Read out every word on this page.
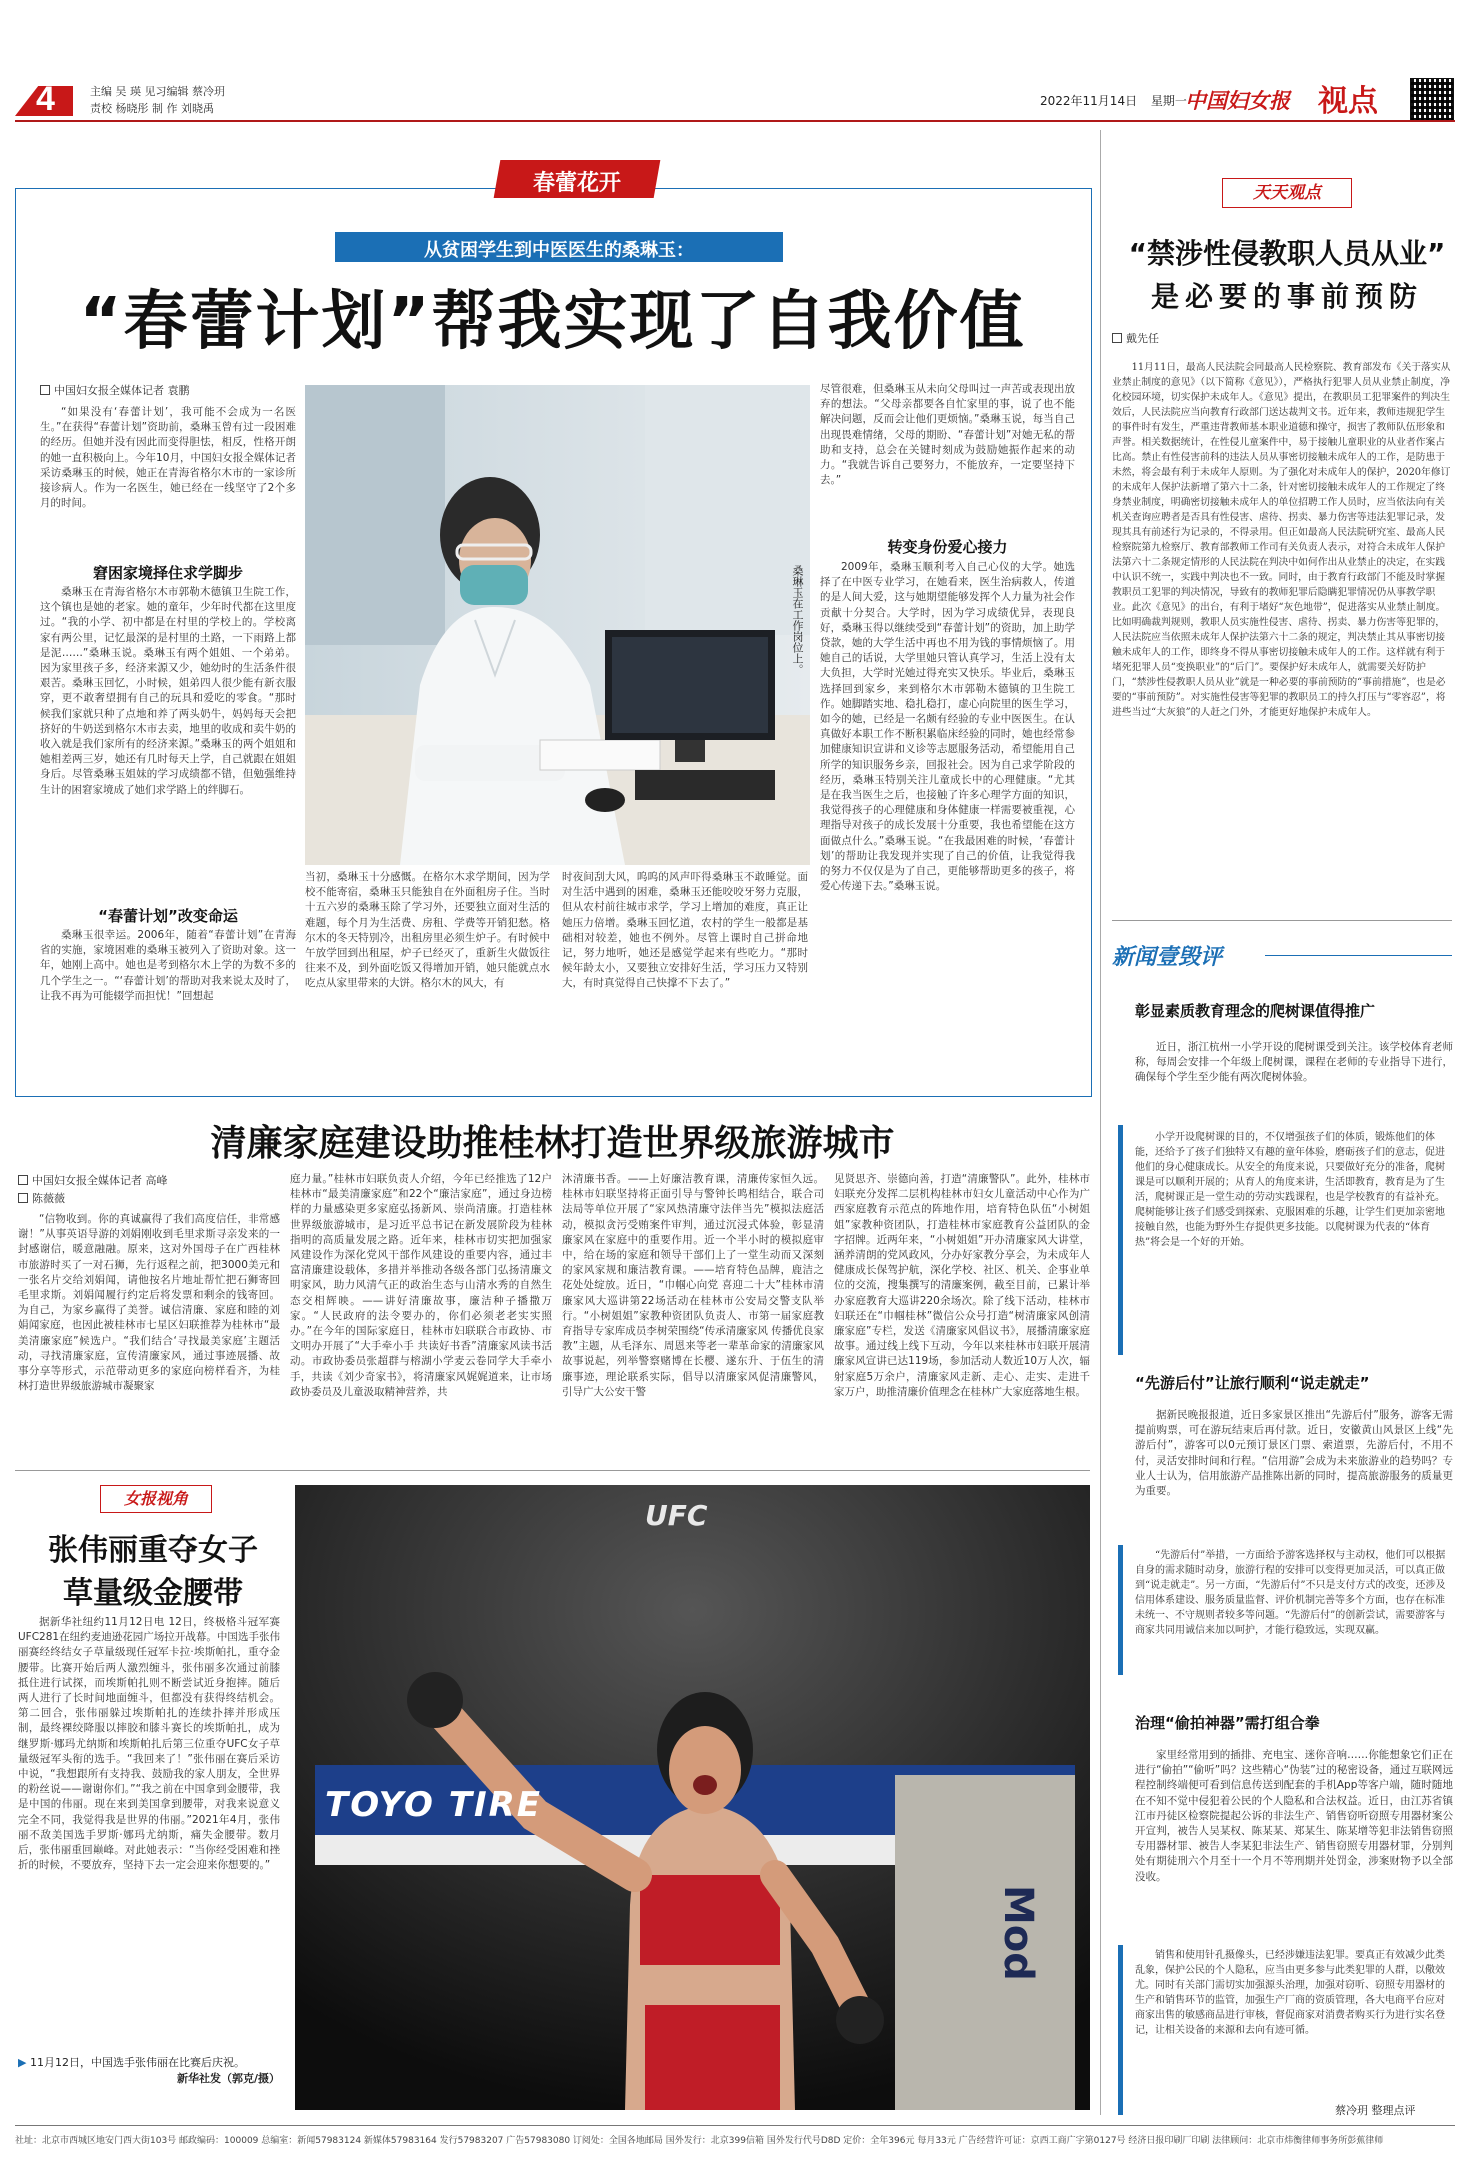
4	主编 吴 瑛 见习编辑 蔡冷玥
责校 杨晓彤 制 作 刘晓禹
2022年11月14日 星期一
中国妇女报 视点
春蕾花开
从贫困学生到中医医生的桑琳玉：
“春蕾计划”帮我实现了自我价值
中国妇女报全媒体记者 袁鹏
“如果没有‘春蕾计划’，我可能不会成为一名医生。”在获得“春蕾计划”资助前，桑琳玉曾有过一段困难的经历。但她并没有因此而变得胆怯，相反，性格开朗的她一直积极向上。今年10月，中国妇女报全媒体记者采访桑琳玉的时候，她正在青海省格尔木市的一家诊所接诊病人。作为一名医生，她已经在一线坚守了2个多月的时间。
窘困家境择住求学脚步
桑琳玉在青海省格尔木市郭勒木德镇卫生院工作，这个镇也是她的老家。她的童年，少年时代都在这里度过。“我的小学、初中都是在村里的学校上的。学校离家有两公里，记忆最深的是村里的土路，一下雨路上都是泥……”桑琳玉说。桑琳玉有两个姐姐、一个弟弟。因为家里孩子多，经济来源又少，她幼时的生活条件很艰苦。桑琳玉回忆，小时候，姐弟四人很少能有新衣服穿，更不敢奢望拥有自己的玩具和爱吃的零食。“那时候我们家就只种了点地和养了两头奶牛，妈妈每天会把挤好的牛奶送到格尔木市去卖，地里的收成和卖牛奶的收入就是我们家所有的经济来源。”桑琳玉的两个姐姐和她相差两三岁，她还有几时每天上学，自己就跟在姐姐身后。尽管桑琳玉姐妹的学习成绩都不错，但勉强维持生计的困窘家境成了她们求学路上的绊脚石。
“春蕾计划”改变命运
桑琳玉很幸运。2006年，随着“春蕾计划”在青海省的实施，家境困难的桑琳玉被列入了资助对象。这一年，她刚上高中。她也是考到格尔木上学的为数不多的几个学生之一。“‘春蕾计划’的帮助对我来说太及时了，让我不再为可能辍学而担忧！”回想起
桑琳玉在工作岗位上。
当初，桑琳玉十分感慨。在格尔木求学期间，因为学校不能寄宿，桑琳玉只能独自在外面租房子住。当时十五六岁的桑琳玉除了学习外，还要独立面对生活的难题，每个月为生活费、房租、学费等开销犯愁。格尔木的冬天特别冷，出租房里必须生炉子。有时候中午放学回到出租屋，炉子已经灭了，重新生火做饭往往来不及，到外面吃饭又得增加开销，她只能就点水吃点从家里带来的大饼。格尔木的风大，有
时夜间刮大风，呜呜的风声吓得桑琳玉不敢睡觉。面对生活中遇到的困难，桑琳玉还能咬咬牙努力克服，但从农村前往城市求学，学习上增加的难度，真正让她压力倍增。桑琳玉回忆道，农村的学生一般都是基础相对较差，她也不例外。尽管上课时自己拼命地记，努力地听，她还是感觉学起来有些吃力。“那时候年龄太小，又要独立安排好生活，学习压力又特别大，有时真觉得自己快撑不下去了。”
尽管很难，但桑琳玉从未向父母叫过一声苦或表现出放弃的想法。“父母亲都要各自忙家里的事，说了也不能解决问题，反而会让他们更烦恼。”桑琳玉说，每当自己出现畏难情绪，父母的期盼、“春蕾计划”对她无私的帮助和支持，总会在关键时刻成为鼓励她振作起来的动力。“我就告诉自己要努力，不能放弃，一定要坚持下去。”
转变身份爱心接力
2009年，桑琳玉顺利考入自己心仪的大学。她选择了在中医专业学习，在她看来，医生治病救人，传道的是人间大爱，这与她期望能够发挥个人力量为社会作贡献十分契合。大学时，因为学习成绩优异，表现良好，桑琳玉得以继续受到“春蕾计划”的资助，加上助学贷款，她的大学生活中再也不用为钱的事情烦恼了。用她自己的话说，大学里她只管认真学习，生活上没有太大负担，大学时光她过得充实又快乐。毕业后，桑琳玉选择回到家乡，来到格尔木市郭勒木德镇的卫生院工作。她脚踏实地、稳扎稳打，虚心向院里的医生学习，如今的她，已经是一名颇有经验的专业中医医生。在认真做好本职工作不断积累临床经验的同时，她也经常参加健康知识宣讲和义诊等志愿服务活动，希望能用自己所学的知识服务乡亲，回报社会。因为自己求学阶段的经历，桑琳玉特别关注儿童成长中的心理健康。“尤其是在我当医生之后，也接触了许多心理学方面的知识，我觉得孩子的心理健康和身体健康一样需要被重视，心理指导对孩子的成长发展十分重要，我也希望能在这方面做点什么。”桑琳玉说。“在我最困难的时候，‘春蕾计划’的帮助让我发现并实现了自己的价值，让我觉得我的努力不仅仅是为了自己，更能够帮助更多的孩子，将爱心传递下去。”桑琳玉说。
天天观点
“禁涉性侵教职人员从业”
是必要的事前预防
戴先任
11月11日，最高人民法院会同最高人民检察院、教育部发布《关于落实从业禁止制度的意见》（以下简称《意见》），严格执行犯罪人员从业禁止制度，净化校园环境，切实保护未成年人。《意见》提出，在教职员工犯罪案件的判决生效后，人民法院应当向教育行政部门送达裁判文书。近年来，教师违规犯学生的事件时有发生，严重违背教师基本职业道德和操守，损害了教师队伍形象和声誉。相关数据统计，在性侵儿童案件中，易于接触儿童职业的从业者作案占比高。禁止有性侵害前科的违法人员从事密切接触未成年人的工作，是防患于未然，将会最有利于未成年人原则。为了强化对未成年人的保护，2020年修订的未成年人保护法新增了第六十二条，针对密切接触未成年人的工作规定了终身禁业制度，明确密切接触未成年人的单位招聘工作人员时，应当依法向有关机关查询应聘者是否具有性侵害、虐待、拐卖、暴力伤害等违法犯罪记录，发现其具有前述行为记录的，不得录用。但正如最高人民法院研究室、最高人民检察院第九检察厅、教育部教师工作司有关负责人表示，对符合未成年人保护法第六十二条规定情形的人民法院在判决中如何作出从业禁止的决定，在实践中认识不统一，实践中判决也不一致。同时，由于教育行政部门不能及时掌握教职员工犯罪的判决情况，导致有的教师犯罪后隐瞒犯罪情况仍从事教学职业。此次《意见》的出台，有利于堵好“灰色地带”，促进落实从业禁止制度。比如明确裁判规则，教职人员实施性侵害、虐待、拐卖、暴力伤害等犯罪的，人民法院应当依照未成年人保护法第六十二条的规定，判决禁止其从事密切接触未成年人的工作，即终身不得从事密切接触未成年人的工作。这样就有利于堵死犯罪人员“变换职业”的“后门”。要保护好未成年人，就需要关好防护门，“禁涉性侵教职人员从业”就是一种必要的事前预防的“事前措施”，也是必要的“事前预防”。对实施性侵害等犯罪的教职员工的持久打压与“零容忍”，将进些当过“大灰狼”的人赶之门外，才能更好地保护未成年人。
新闻壹毁评
彰显素质教育理念的爬树课值得推广
近日，浙江杭州一小学开设的爬树课受到关注。该学校体育老师称，每周会安排一个年级上爬树课，课程在老师的专业指导下进行，确保每个学生至少能有两次爬树体验。
小学开设爬树课的目的，不仅增强孩子们的体质，锻炼他们的体能，还给予了孩子们独特又有趣的童年体验，磨砺孩子们的意志，促进他们的身心健康成长。从安全的角度来说，只要做好充分的准备，爬树课是可以顺利开展的；从育人的角度来讲，生活即教育，教育是为了生活，爬树课正是一堂生动的劳动实践课程，也是学校教育的有益补充。爬树能够让孩子们感受到探索、克服困难的乐趣，让学生们更加亲密地接触自然，也能为野外生存提供更多技能。以爬树课为代表的“体育热”将会是一个好的开始。
“先游后付”让旅行顺利“说走就走”
据新民晚报报道，近日多家景区推出“先游后付”服务，游客无需提前购票，可在游玩结束后再付款。近日，安徽黄山风景区上线“先游后付”，游客可以0元预订景区门票、索道票，先游后付，不用不付，灵活安排时间和行程。“信用游”会成为未来旅游业的趋势吗？专业人士认为，信用旅游产品推陈出新的同时，提高旅游服务的质量更为重要。
“先游后付”举措，一方面给予游客选择权与主动权，他们可以根据自身的需求随时动身，旅游行程的安排可以变得更加灵活，可以真正做到“说走就走”。另一方面，“先游后付”不只是支付方式的改变，还涉及信用体系建设、服务质量监督、评价机制完善等多个方面，也存在标准未统一、不守规则者较多等问题。“先游后付”的创新尝试，需要游客与商家共同用诚信来加以呵护，才能行稳致远，实现双赢。
治理“偷拍神器”需打组合拳
家里经常用到的插排、充电宝、迷你音响……你能想象它们正在进行“偷拍”“偷听”吗？这些精心“伪装”过的秘密设备，通过互联网远程控制终端便可看到信息传送到配套的手机App等客户端，随时随地在不知不觉中侵犯着公民的个人隐私和合法权益。近日，由江苏省镇江市丹徒区检察院提起公诉的非法生产、销售窃听窃照专用器材案公开宣判，被告人吴某权、陈某某、郑某生、陈某增等犯非法销售窃照专用器材罪、被告人李某犯非法生产、销售窃照专用器材罪，分别判处有期徒刑六个月至十一个月不等刑期并处罚金，涉案财物予以全部没收。
销售和使用针孔摄像头，已经涉嫌违法犯罪。要真正有效减少此类乱象，保护公民的个人隐私，应当由更多参与此类犯罪的人群，以儆效尤。同时有关部门需切实加强源头治理，加强对窃听、窃照专用器材的生产和销售环节的监管，加强生产厂商的资质管理，各大电商平台应对商家出售的敏感商品进行审核，督促商家对消费者购买行为进行实名登记，让相关设备的来源和去向有迹可循。
蔡冷玥 整理点评
清廉家庭建设助推桂林打造世界级旅游城市
中国妇女报全媒体记者 高峰
陈薇薇
“信物收到。你的真诚赢得了我们高度信任，非常感谢！”从事英语导游的刘娟刚收到毛里求斯寻亲发来的一封感谢信，暖意融融。原来，这对外国母子在广西桂林市旅游时买了一对石狮，先行返程之前，把3000美元和一张名片交给刘娟闻，请他按名片地址帮忙把石狮寄回毛里求斯。刘娟闻履行约定后将发票和剩余的钱寄回。为自己，为家乡赢得了美誉。诚信清廉、家庭和睦的刘娟闻家庭，也因此被桂林市七星区妇联推荐为桂林市“最美清廉家庭”候选户。“我们结合‘寻找最美家庭’主题活动，寻找清廉家庭，宣传清廉家风，通过事迹展播、故事分享等形式，示范带动更多的家庭向榜样看齐，为桂林打造世界级旅游城市凝聚家
庭力量。”桂林市妇联负责人介绍，今年已经推选了12户桂林市“最美清廉家庭”和22个“廉洁家庭”，通过身边榜样的力量感染更多家庭弘扬新风、崇尚清廉。打造桂林世界级旅游城市，是习近平总书记在新发展阶段为桂林指明的高质量发展之路。近年来，桂林市切实把加强家风建设作为深化党风干部作风建设的重要内容，通过丰富清廉建设载体，多措并举推动各级各部门弘扬清廉文明家风，助力风清气正的政治生态与山清水秀的自然生态交相辉映。——讲好清廉故事，廉洁种子播撒万家。“人民政府的法令要办的，你们必须老老实实照办。”在今年的国际家庭日，桂林市妇联联合市政协、市文明办开展了“大手牵小手 共读好书香”清廉家风读书活动。市政协委员张超群与榕湖小学麦云卷同学大手牵小手，共读《刘少奇家书》，将清廉家风娓娓道来，让市场政协委员及儿童汲取精神营养，共
沐清廉书香。——上好廉洁教育课，清廉传家恒久远。桂林市妇联坚持将正面引导与警钟长鸣相结合，联合司法局等单位开展了“家风热清廉守法伴当先”模拟法庭活动，模拟贪污受贿案件审判，通过沉浸式体验，彰显清廉家风在家庭中的重要作用。近一个半小时的模拟庭审中，给在场的家庭和领导干部们上了一堂生动而又深刻的家风家规和廉洁教育课。——培育特色品牌，鹿洁之花处处绽放。近日，“巾帼心向党 喜迎二十大”桂林市清廉家风大巡讲第22场活动在桂林市公安局交警支队举行。“小树姐姐”家教种资团队负责人、市第一届家庭教育指导专家库成员李树荣围绕“传承清廉家风 传播优良家教”主题，从毛泽东、周恩来等老一辈革命家的清廉家风故事说起，列举警察赌博在长樱、遂东升、于伍生的清廉事迹，理论联系实际，倡导以清廉家风促清廉警风，引导广大公安干警
见贤思齐、崇德向善，打造“清廉警队”。此外，桂林市妇联充分发挥二层机构桂林市妇女儿童活动中心作为广西家庭教育示范点的阵地作用，培育特色队伍“小树姐姐”家教种资团队，打造桂林市家庭教育公益团队的金字招牌。近两年来，“小树姐姐”开办清廉家风大讲堂，涵养清朗的党风政风，分办好家教分享会，为未成年人健康成长保驾护航，深化学校、社区、机关、企事业单位的交流，搜集撰写的清廉案例，截至目前，已累计举办家庭教育大巡讲220余场次。除了线下活动，桂林市妇联还在“巾帼桂林”微信公众号打造“树清廉家风创清廉家庭”专栏，发送《清廉家风倡议书》，展播清廉家庭故事。通过线上线下互动，今年以来桂林市妇联开展清廉家风宣讲已达119场，参加活动人数近10万人次，辐射家庭5万余户，清廉家风走新、走心、走实、走进千家万户，助推清廉价值理念在桂林广大家庭落地生根。
女报视角
张伟丽重夺女子
草量级金腰带
据新华社纽约11月12日电 12日，终极格斗冠军赛UFC281在纽约麦迪逊花园广场拉开战幕。中国选手张伟丽赛经终结女子草量级现任冠军卡拉·埃斯帕扎，重夺金腰带。比赛开始后两人激烈缠斗，张伟丽多次通过前膝抵住进行试探，而埃斯帕扎则不断尝试近身抱摔。随后两人进行了长时间地面缠斗，但都没有获得终结机会。第二回合，张伟丽躲过埃斯帕扎的连续扑摔并形成压制，最终裸绞降服以摔胶和膝斗赛长的埃斯帕扎，成为继罗斯·娜玛尤纳斯和埃斯帕扎后第三位重夺UFC女子草量级冠军头衔的选手。“我回来了！”张伟丽在赛后采访中说，“我想跟所有支持我、鼓励我的家人朋友，全世界的粉丝说——谢谢你们。”“我之前在中国拿到金腰带，我是中国的伟丽。现在来到美国拿到腰带，对我来说意义完全不同，我觉得我是世界的伟丽。”2021年4月，张伟丽不敌美国选手罗斯·娜玛尤纳斯，痛失金腰带。数月后，张伟丽重回巅峰。对此她表示：“当你经受困难和挫折的时候，不要放弃，坚持下去一定会迎来你想要的。”
▶ 11月12日，中国选手张伟丽在比赛后庆祝。
新华社发（郭克/摄）
UFC
TOYO TIRE
Mod
社址：北京市西城区地安门西大街103号 邮政编码：100009 总编室：新闻57983124 新媒体57983164 发行57983207 广告57983080 订阅处：全国各地邮局 国外发行：北京399信箱 国外发行代号D8D 定价：全年396元 每月33元 广告经营许可证：京西工商广字第0127号 经济日报印刷厂印刷 法律顾问：北京市炜衡律师事务所彭蕉律师
